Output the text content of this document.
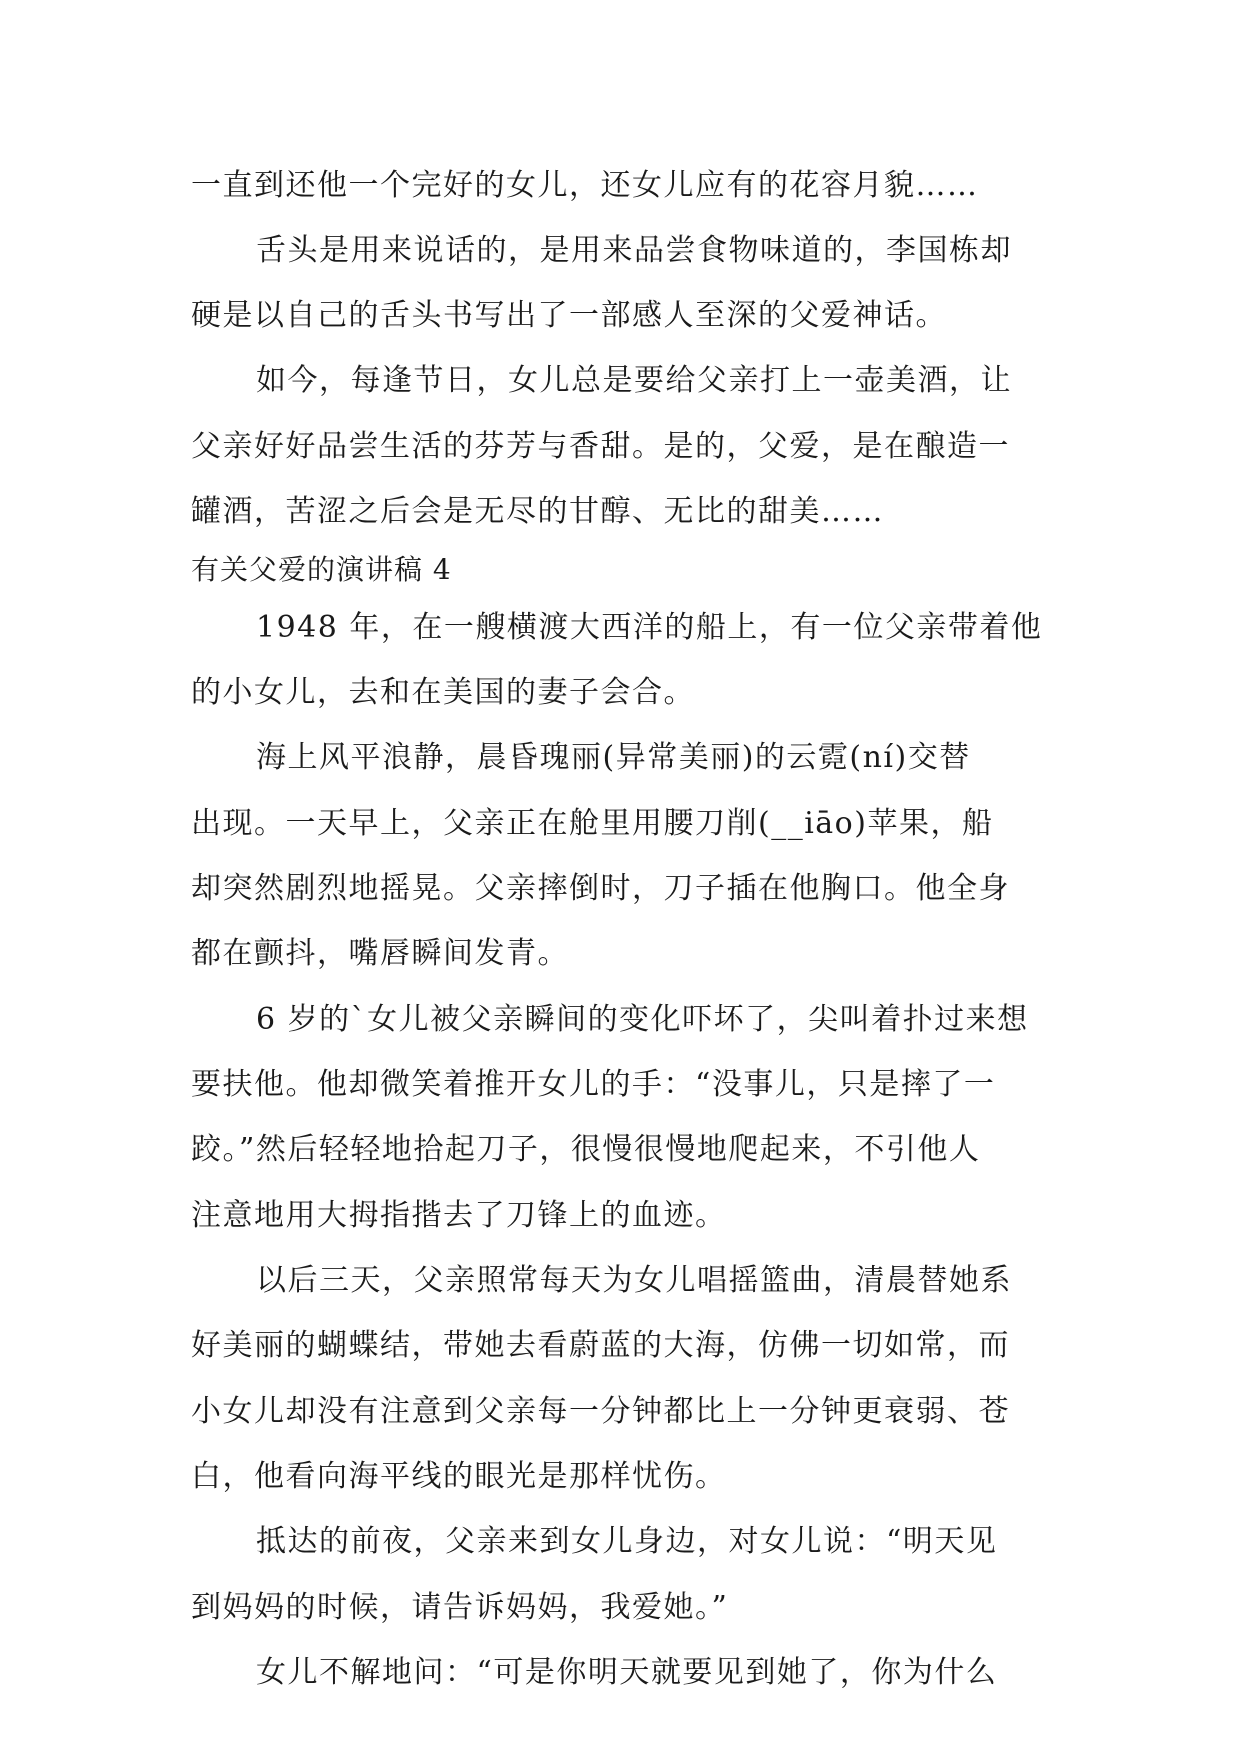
一直到还他一个完好的女儿，还女儿应有的花容月貌……
舌头是用来说话的，是用来品尝食物味道的，李国栋却
硬是以自己的舌头书写出了一部感人至深的父爱神话。
如今，每逢节日，女儿总是要给父亲打上一壶美酒，让
父亲好好品尝生活的芬芳与香甜。是的，父爱，是在酿造一
罐酒，苦涩之后会是无尽的甘醇、无比的甜美……
有关父爱的演讲稿 4
1948 年，在一艘横渡大西洋的船上，有一位父亲带着他
的小女儿，去和在美国的妻子会合。
海上风平浪静，晨昏瑰丽(异常美丽)的云霓(ní)交替
出现。一天早上，父亲正在舱里用腰刀削(__iāo)苹果，船
却突然剧烈地摇晃。父亲摔倒时，刀子插在他胸口。他全身
都在颤抖，嘴唇瞬间发青。
6 岁的`女儿被父亲瞬间的变化吓坏了，尖叫着扑过来想
要扶他。他却微笑着推开女儿的手：“没事儿，只是摔了一
跤。”然后轻轻地拾起刀子，很慢很慢地爬起来，不引他人
注意地用大拇指揩去了刀锋上的血迹。
以后三天，父亲照常每天为女儿唱摇篮曲，清晨替她系
好美丽的蝴蝶结，带她去看蔚蓝的大海，仿佛一切如常，而
小女儿却没有注意到父亲每一分钟都比上一分钟更衰弱、苍
白，他看向海平线的眼光是那样忧伤。
抵达的前夜，父亲来到女儿身边，对女儿说：“明天见
到妈妈的时候，请告诉妈妈，我爱她。”
女儿不解地问：“可是你明天就要见到她了，你为什么
